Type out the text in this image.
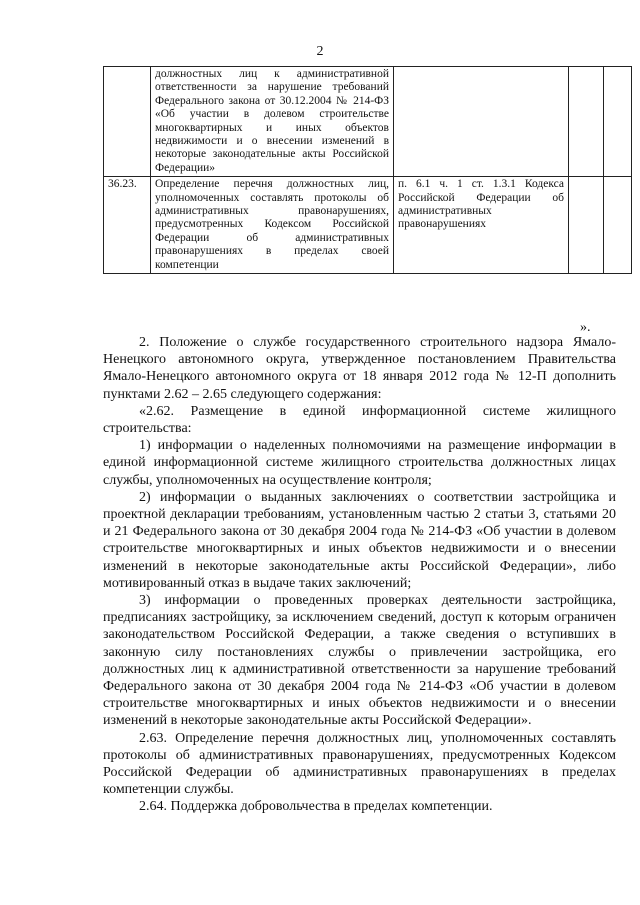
2
	должностных лиц к административной ответственности за нарушение требований Федерального закона от 30.12.2004 № 214-ФЗ «Об участии в долевом строительстве многоквартирных и иных объектов недвижимости и о внесении изменений в некоторые законодательные акты Российской Федерации»			
36.23.	Определение перечня должностных лиц, уполномоченных составлять протоколы об административных правонарушениях, предусмотренных Кодексом Российской Федерации об административных правонарушениях в пределах своей компетенции	п. 6.1 ч. 1 ст. 1.3.1 Кодекса Российской Федерации об административных правонарушениях		
».

2. Положение о службе государственного строительного надзора Ямало-Ненецкого автономного округа, утвержденное постановлением Правительства Ямало-Ненецкого автономного округа от 18 января 2012 года № 12-П дополнить пунктами 2.62 – 2.65 следующего содержания:

«2.62. Размещение в единой информационной системе жилищного строительства:

1) информации о наделенных полномочиями на размещение информации в единой информационной системе жилищного строительства должностных лицах службы, уполномоченных на осуществление контроля;

2) информации о выданных заключениях о соответствии застройщика и проектной декларации требованиям, установленным частью 2 статьи 3, статьями 20 и 21 Федерального закона от 30 декабря 2004 года № 214-ФЗ «Об участии в долевом строительстве многоквартирных и иных объектов недвижимости и о внесении изменений в некоторые законодательные акты Российской Федерации», либо мотивированный отказ в выдаче таких заключений;

3) информации о проведенных проверках деятельности застройщика, предписаниях застройщику, за исключением сведений, доступ к которым ограничен законодательством Российской Федерации, а также сведения о вступивших в законную силу постановлениях службы о привлечении застройщика, его должностных лиц к административной ответственности за нарушение требований Федерального закона от 30 декабря 2004 года № 214-ФЗ «Об участии в долевом строительстве многоквартирных и иных объектов недвижимости и о внесении изменений в некоторые законодательные акты Российской Федерации».

2.63. Определение перечня должностных лиц, уполномоченных составлять протоколы об административных правонарушениях, предусмотренных Кодексом Российской Федерации об административных правонарушениях в пределах компетенции службы.

2.64. Поддержка добровольчества в пределах компетенции.
